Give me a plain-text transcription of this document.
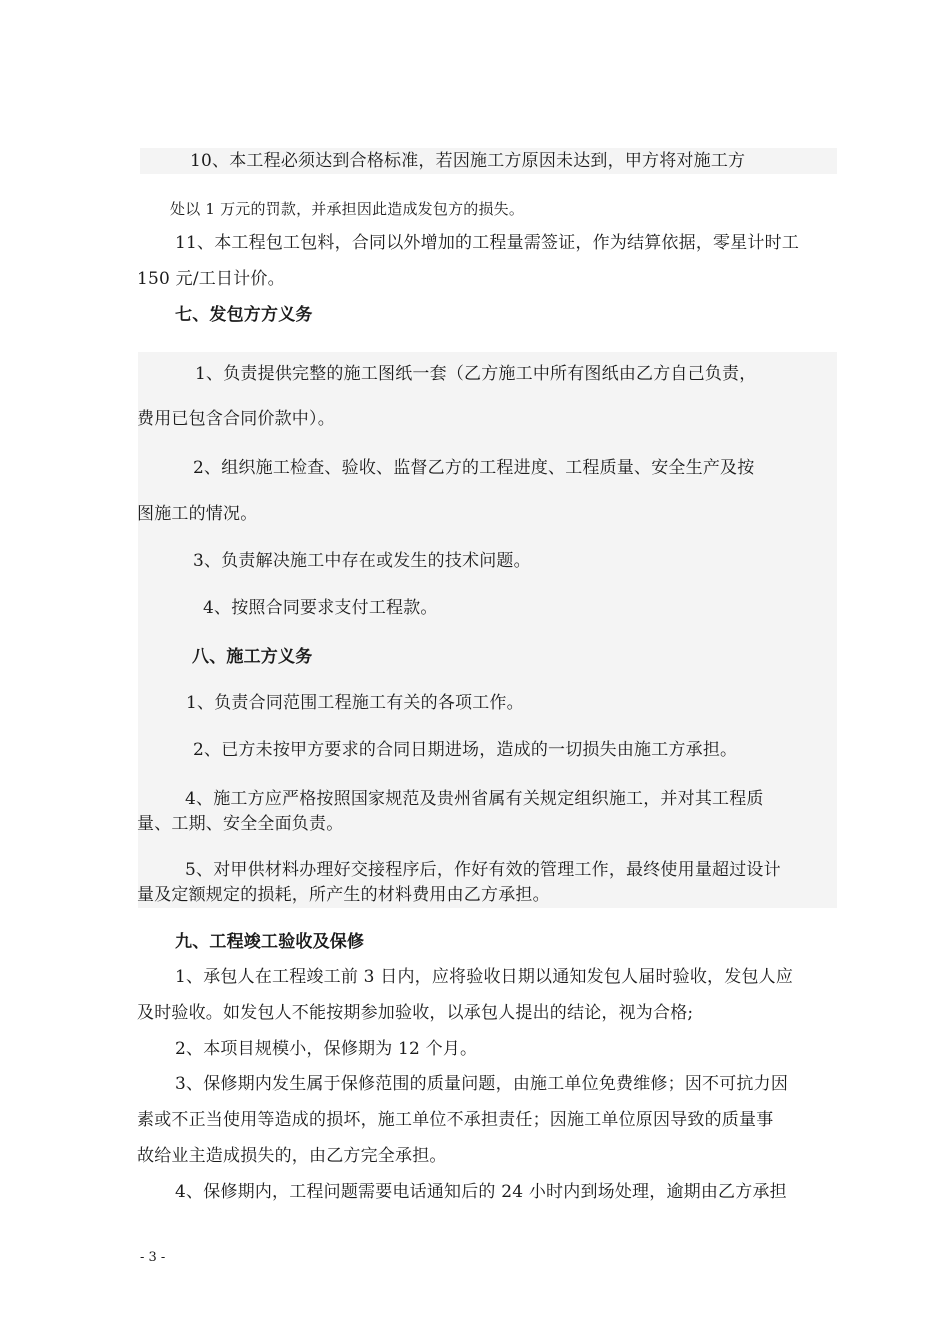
10、本工程必须达到合格标准，若因施工方原因未达到，甲方将对施工方
处以 1 万元的罚款，并承担因此造成发包方的损失。
11、本工程包工包料，合同以外增加的工程量需签证，作为结算依据，零星计时工
150 元/工日计价。
七、发包方方义务
1、负责提供完整的施工图纸一套（乙方施工中所有图纸由乙方自己负责，
费用已包含合同价款中）。
2、组织施工检查、验收、监督乙方的工程进度、工程质量、安全生产及按
图施工的情况。
3、负责解决施工中存在或发生的技术问题。
4、按照合同要求支付工程款。
八、施工方义务
1、负责合同范围工程施工有关的各项工作。
2、已方未按甲方要求的合同日期进场，造成的一切损失由施工方承担。
4、施工方应严格按照国家规范及贵州省属有关规定组织施工，并对其工程质
量、工期、安全全面负责。
5、对甲供材料办理好交接程序后，作好有效的管理工作，最终使用量超过设计
量及定额规定的损耗，所产生的材料费用由乙方承担。
九、工程竣工验收及保修
1、承包人在工程竣工前 3 日内，应将验收日期以通知发包人届时验收，发包人应
及时验收。如发包人不能按期参加验收，以承包人提出的结论，视为合格;
2、本项目规模小，保修期为 12 个月。
3、保修期内发生属于保修范围的质量问题，由施工单位免费维修；因不可抗力因
素或不正当使用等造成的损坏，施工单位不承担责任；因施工单位原因导致的质量事
故给业主造成损失的，由乙方完全承担。
4、保修期内，工程问题需要电话通知后的 24 小时内到场处理，逾期由乙方承担
- 3 -
